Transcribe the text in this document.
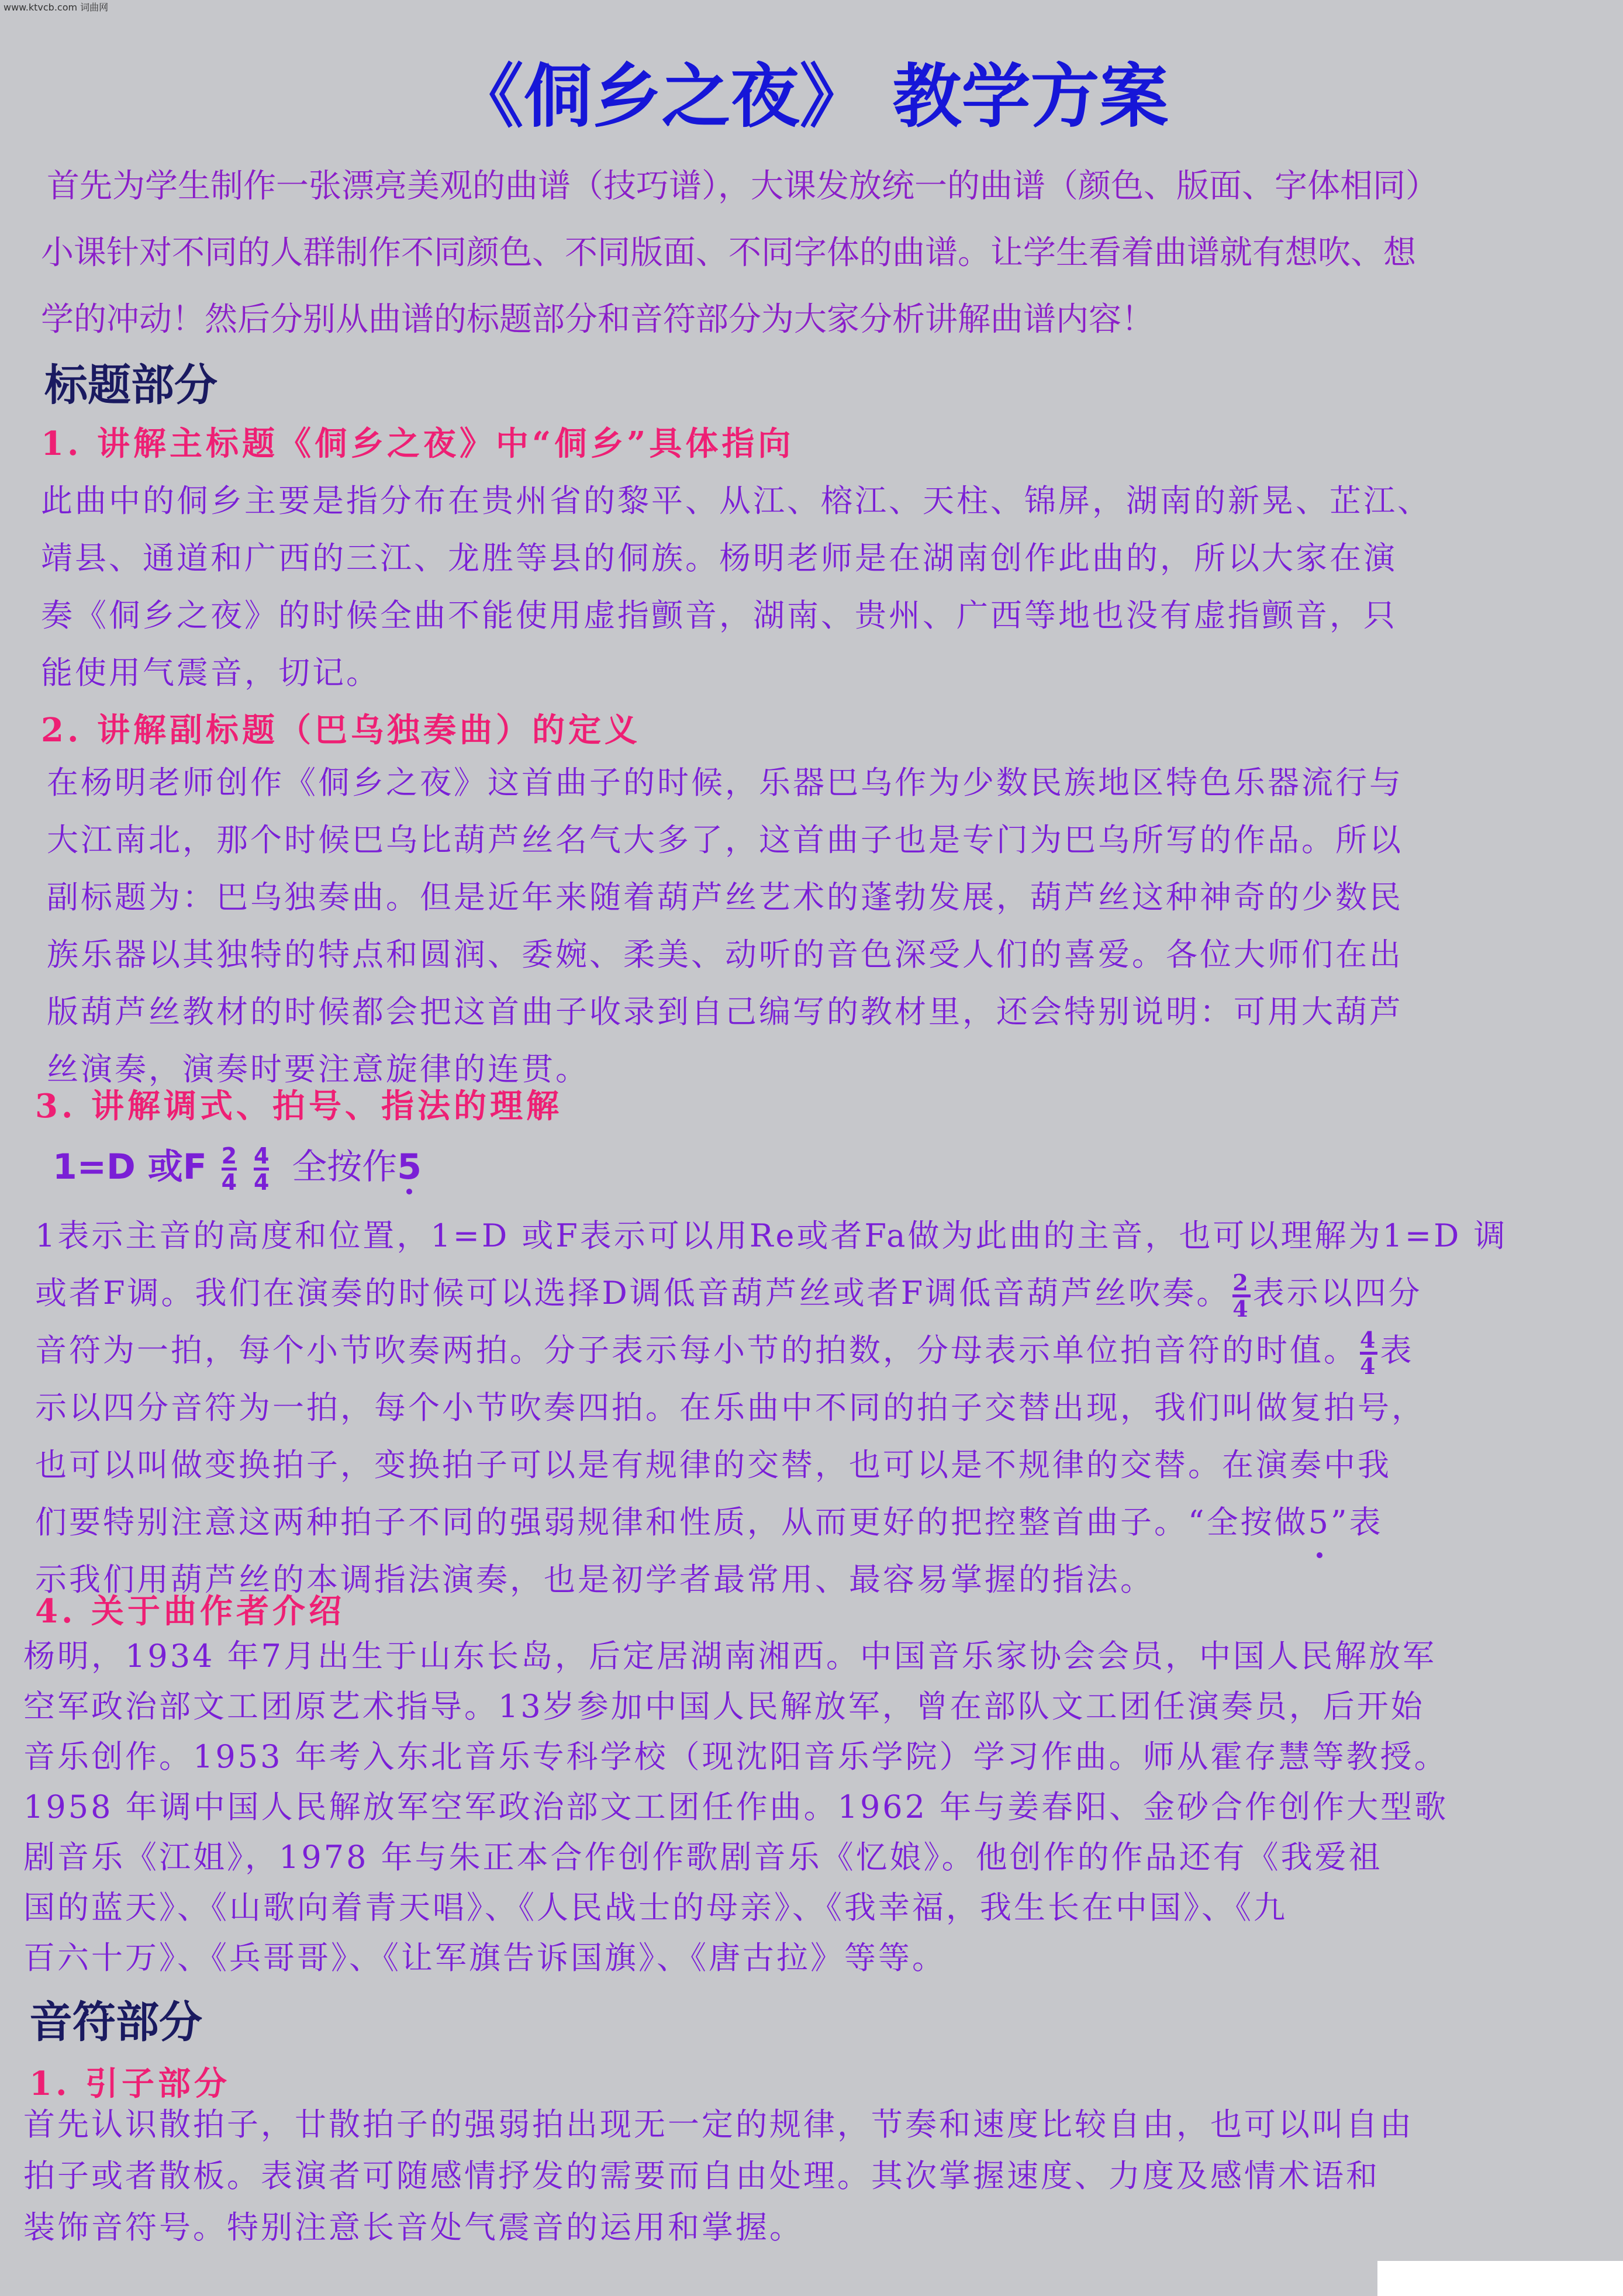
www.ktvcb.com 词曲网
《侗乡之夜》 教学方案

首先为学生制作一张漂亮美观的曲谱（技巧谱），大课发放统一的曲谱（颜色、版面、字体相同）

小课针对不同的人群制作不同颜色、不同版面、不同字体的曲谱。让学生看着曲谱就有想吹、想

学的冲动！然后分别从曲谱的标题部分和音符部分为大家分析讲解曲谱内容！

标题部分
1. 讲解主标题《侗乡之夜》中“侗乡”具体指向

此曲中的侗乡主要是指分布在贵州省的黎平、从江、榕江、天柱、锦屏，湖南的新晃、芷江、

靖县、通道和广西的三江、龙胜等县的侗族。杨明老师是在湖南创作此曲的，所以大家在演

奏《侗乡之夜》的时候全曲不能使用虚指颤音，湖南、贵州、广西等地也没有虚指颤音，只

能使用气震音，切记。

2. 讲解副标题（巴乌独奏曲）的定义

在杨明老师创作《侗乡之夜》这首曲子的时候，乐器巴乌作为少数民族地区特色乐器流行与

大江南北，那个时候巴乌比葫芦丝名气大多了，这首曲子也是专门为巴乌所写的作品。所以

副标题为：巴乌独奏曲。但是近年来随着葫芦丝艺术的蓬勃发展，葫芦丝这种神奇的少数民

族乐器以其独特的特点和圆润、委婉、柔美、动听的音色深受人们的喜爱。各位大师们在出

版葫芦丝教材的时候都会把这首曲子收录到自己编写的教材里，还会特别说明：可用大葫芦

丝演奏，演奏时要注意旋律的连贯。

3. 讲解调式、拍号、指法的理解
1=D 或F $\frac{2}{4}$
$\frac{4}{4}$ 全按作5

1表示主音的高度和位置，1=D 或F表示可以用Re或者Fa做为此曲的主音，也可以理解为1=D 调

或者F调。我们在演奏的时候可以选择D调低音葫芦丝或者F调低音葫芦丝吹奏。 $\frac{2}{4}$ 表示以四分

音符为一拍，每个小节吹奏两拍。分子表示每小节的拍数，分母表示单位拍音符的时值。 $\frac{4}{4}$ 表

示以四分音符为一拍，每个小节吹奏四拍。在乐曲中不同的拍子交替出现，我们叫做复拍号，

也可以叫做变换拍子，变换拍子可以是有规律的交替，也可以是不规律的交替。在演奏中我

们要特别注意这两种拍子不同的强弱规律和性质，从而更好的把控整首曲子。“全按做5”表

示我们用葫芦丝的本调指法演奏，也是初学者最常用、最容易掌握的指法。

4. 关于曲作者介绍

杨明，1934 年7月出生于山东长岛，后定居湖南湘西。中国音乐家协会会员，中国人民解放军

空军政治部文工团原艺术指导。13岁参加中国人民解放军，曾在部队文工团任演奏员，后开始

音乐创作。1953 年考入东北音乐专科学校（现沈阳音乐学院）学习作曲。师从霍存慧等教授。

1958 年调中国人民解放军空军政治部文工团任作曲。1962 年与姜春阳、金砂合作创作大型歌

剧音乐《江姐》，1978 年与朱正本合作创作歌剧音乐《忆娘》。他创作的作品还有《我爱祖

国的蓝天》、《山歌向着青天唱》、《人民战士的母亲》、《我幸福，我生长在中国》、《九

百六十万》、《兵哥哥》、《让军旗告诉国旗》、《唐古拉》等等。

音符部分
1. 引子部分

首先认识散拍子，廿散拍子的强弱拍出现无一定的规律，节奏和速度比较自由，也可以叫自由

拍子或者散板。表演者可随感情抒发的需要而自由处理。其次掌握速度、力度及感情术语和

装饰音符号。特别注意长音处气震音的运用和掌握。
